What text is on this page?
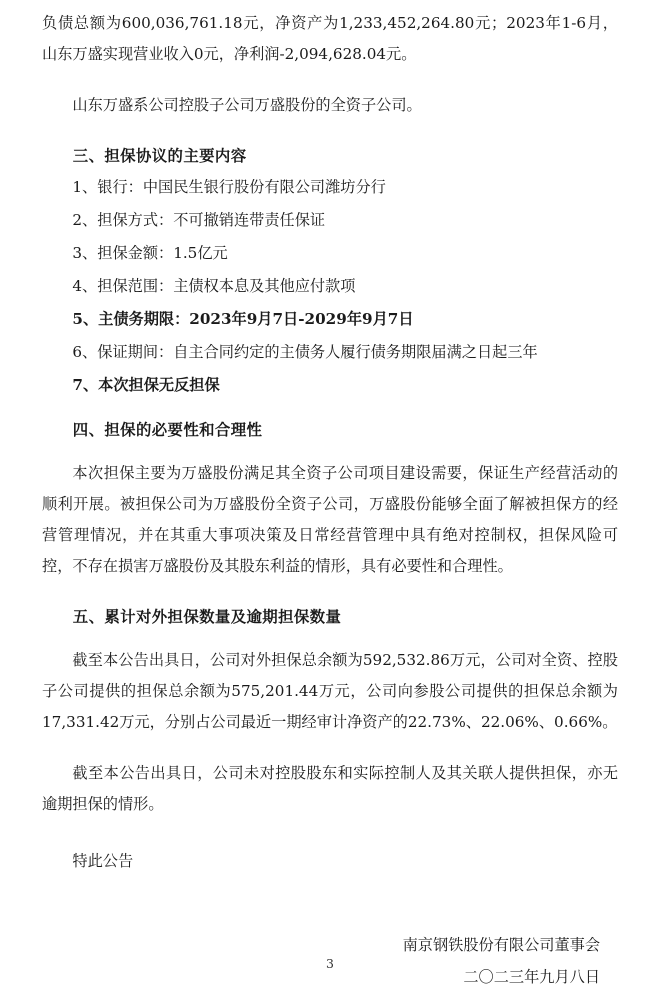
负债总额为600,036,761.18元，净资产为1,233,452,264.80元；2023年1-6月，山东万盛实现营业收入0元，净利润-2,094,628.04元。

山东万盛系公司控股子公司万盛股份的全资子公司。

三、担保协议的主要内容
1、银行：中国民生银行股份有限公司潍坊分行
2、担保方式：不可撤销连带责任保证
3、担保金额：1.5亿元
4、担保范围：主债权本息及其他应付款项
5、主债务期限：2023年9月7日-2029年9月7日
6、保证期间：自主合同约定的主债务人履行债务期限届满之日起三年
7、本次担保无反担保
四、担保的必要性和合理性

本次担保主要为万盛股份满足其全资子公司项目建设需要，保证生产经营活动的顺利开展。被担保公司为万盛股份全资子公司，万盛股份能够全面了解被担保方的经营管理情况，并在其重大事项决策及日常经营管理中具有绝对控制权，担保风险可控，不存在损害万盛股份及其股东利益的情形，具有必要性和合理性。

五、累计对外担保数量及逾期担保数量

截至本公告出具日，公司对外担保总余额为592,532.86万元，公司对全资、控股子公司提供的担保总余额为575,201.44万元，公司向参股公司提供的担保总余额为17,331.42万元，分别占公司最近一期经审计净资产的22.73%、22.06%、0.66%。

截至本公告出具日，公司未对控股股东和实际控制人及其关联人提供担保，亦无逾期担保的情形。

特此公告

南京钢铁股份有限公司董事会

二〇二三年九月八日

3
